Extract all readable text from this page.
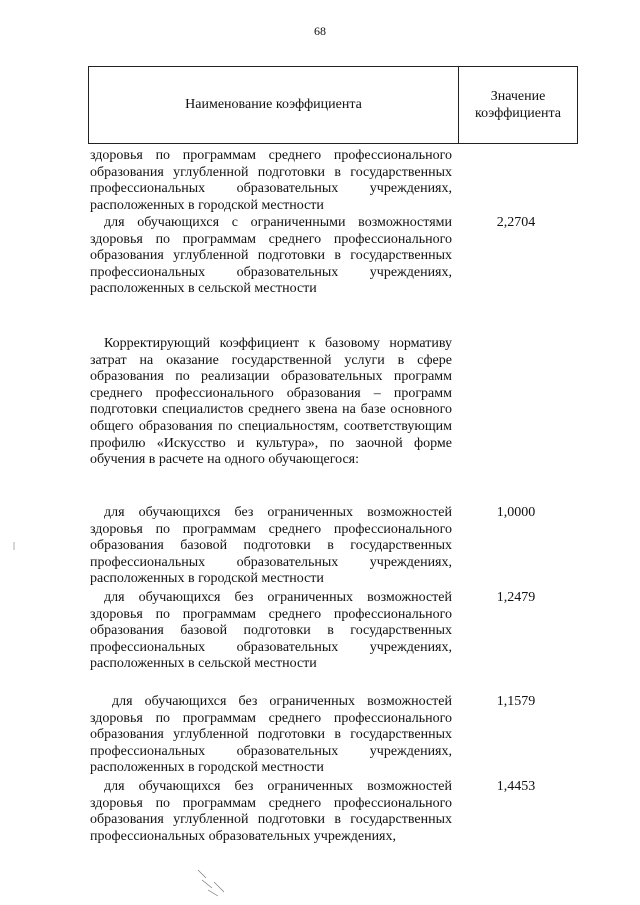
68
Наименование коэффициента
Значение коэффициента

здоровья по программам среднего профессионального образования углубленной подготовки в государственных профессиональных образовательных учреждениях, расположенных в городской местности

для обучающихся с ограниченными возможностями здоровья по программам среднего профессионального образования углубленной подготовки в государственных профессиональных образовательных учреждениях, расположенных в сельской местности

2,2704

Корректирующий коэффициент к базовому нормативу затрат на оказание государственной услуги в сфере образования по реализации образовательных программ среднего профессионального образования – программ подготовки специалистов среднего звена на базе основного общего образования по специальностям, соответствующим профилю «Искусство и культура», по заочной форме обучения в расчете на одного обучающегося:

для обучающихся без ограниченных возможностей здоровья по программам среднего профессионального образования базовой подготовки в государственных профессиональных образовательных учреждениях, расположенных в городской местности

1,0000

для обучающихся без ограниченных возможностей здоровья по программам среднего профессионального образования базовой подготовки в государственных профессиональных образовательных учреждениях, расположенных в сельской местности

1,2479

для обучающихся без ограниченных возможностей здоровья по программам среднего профессионального образования углубленной подготовки в государственных профессиональных образовательных учреждениях, расположенных в городской местности

1,1579

для обучающихся без ограниченных возможностей здоровья по программам среднего профессионального образования углубленной подготовки в государственных профессиональных образовательных учреждениях,

1,4453
